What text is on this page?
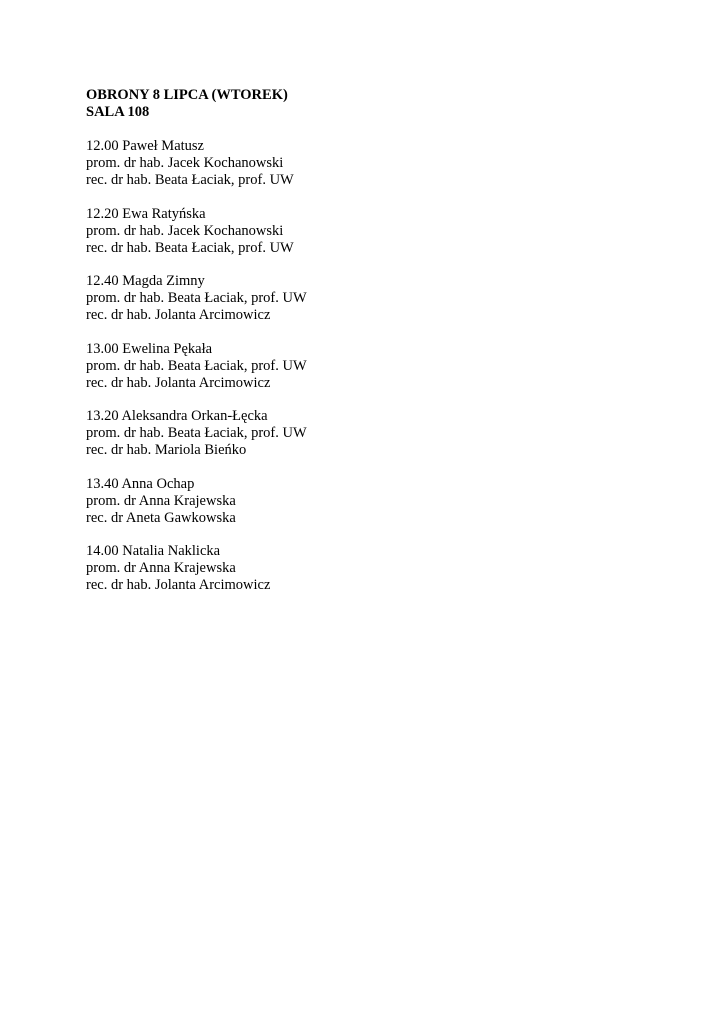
OBRONY 8 LIPCA (WTOREK)
SALA 108
12.00 Paweł Matusz
prom. dr hab. Jacek Kochanowski
rec. dr hab. Beata Łaciak, prof. UW
12.20 Ewa Ratyńska
prom. dr hab. Jacek Kochanowski
rec. dr hab. Beata Łaciak, prof. UW
12.40 Magda Zimny
prom. dr hab. Beata Łaciak, prof. UW
rec. dr hab. Jolanta Arcimowicz
13.00 Ewelina Pękała
prom. dr hab. Beata Łaciak, prof. UW
rec. dr hab. Jolanta Arcimowicz
13.20 Aleksandra Orkan-Łęcka
prom. dr hab. Beata Łaciak, prof. UW
rec. dr hab. Mariola Bieńko
13.40 Anna Ochap
prom. dr Anna Krajewska
rec. dr Aneta Gawkowska
14.00 Natalia Naklicka
prom. dr Anna Krajewska
rec. dr hab. Jolanta Arcimowicz
